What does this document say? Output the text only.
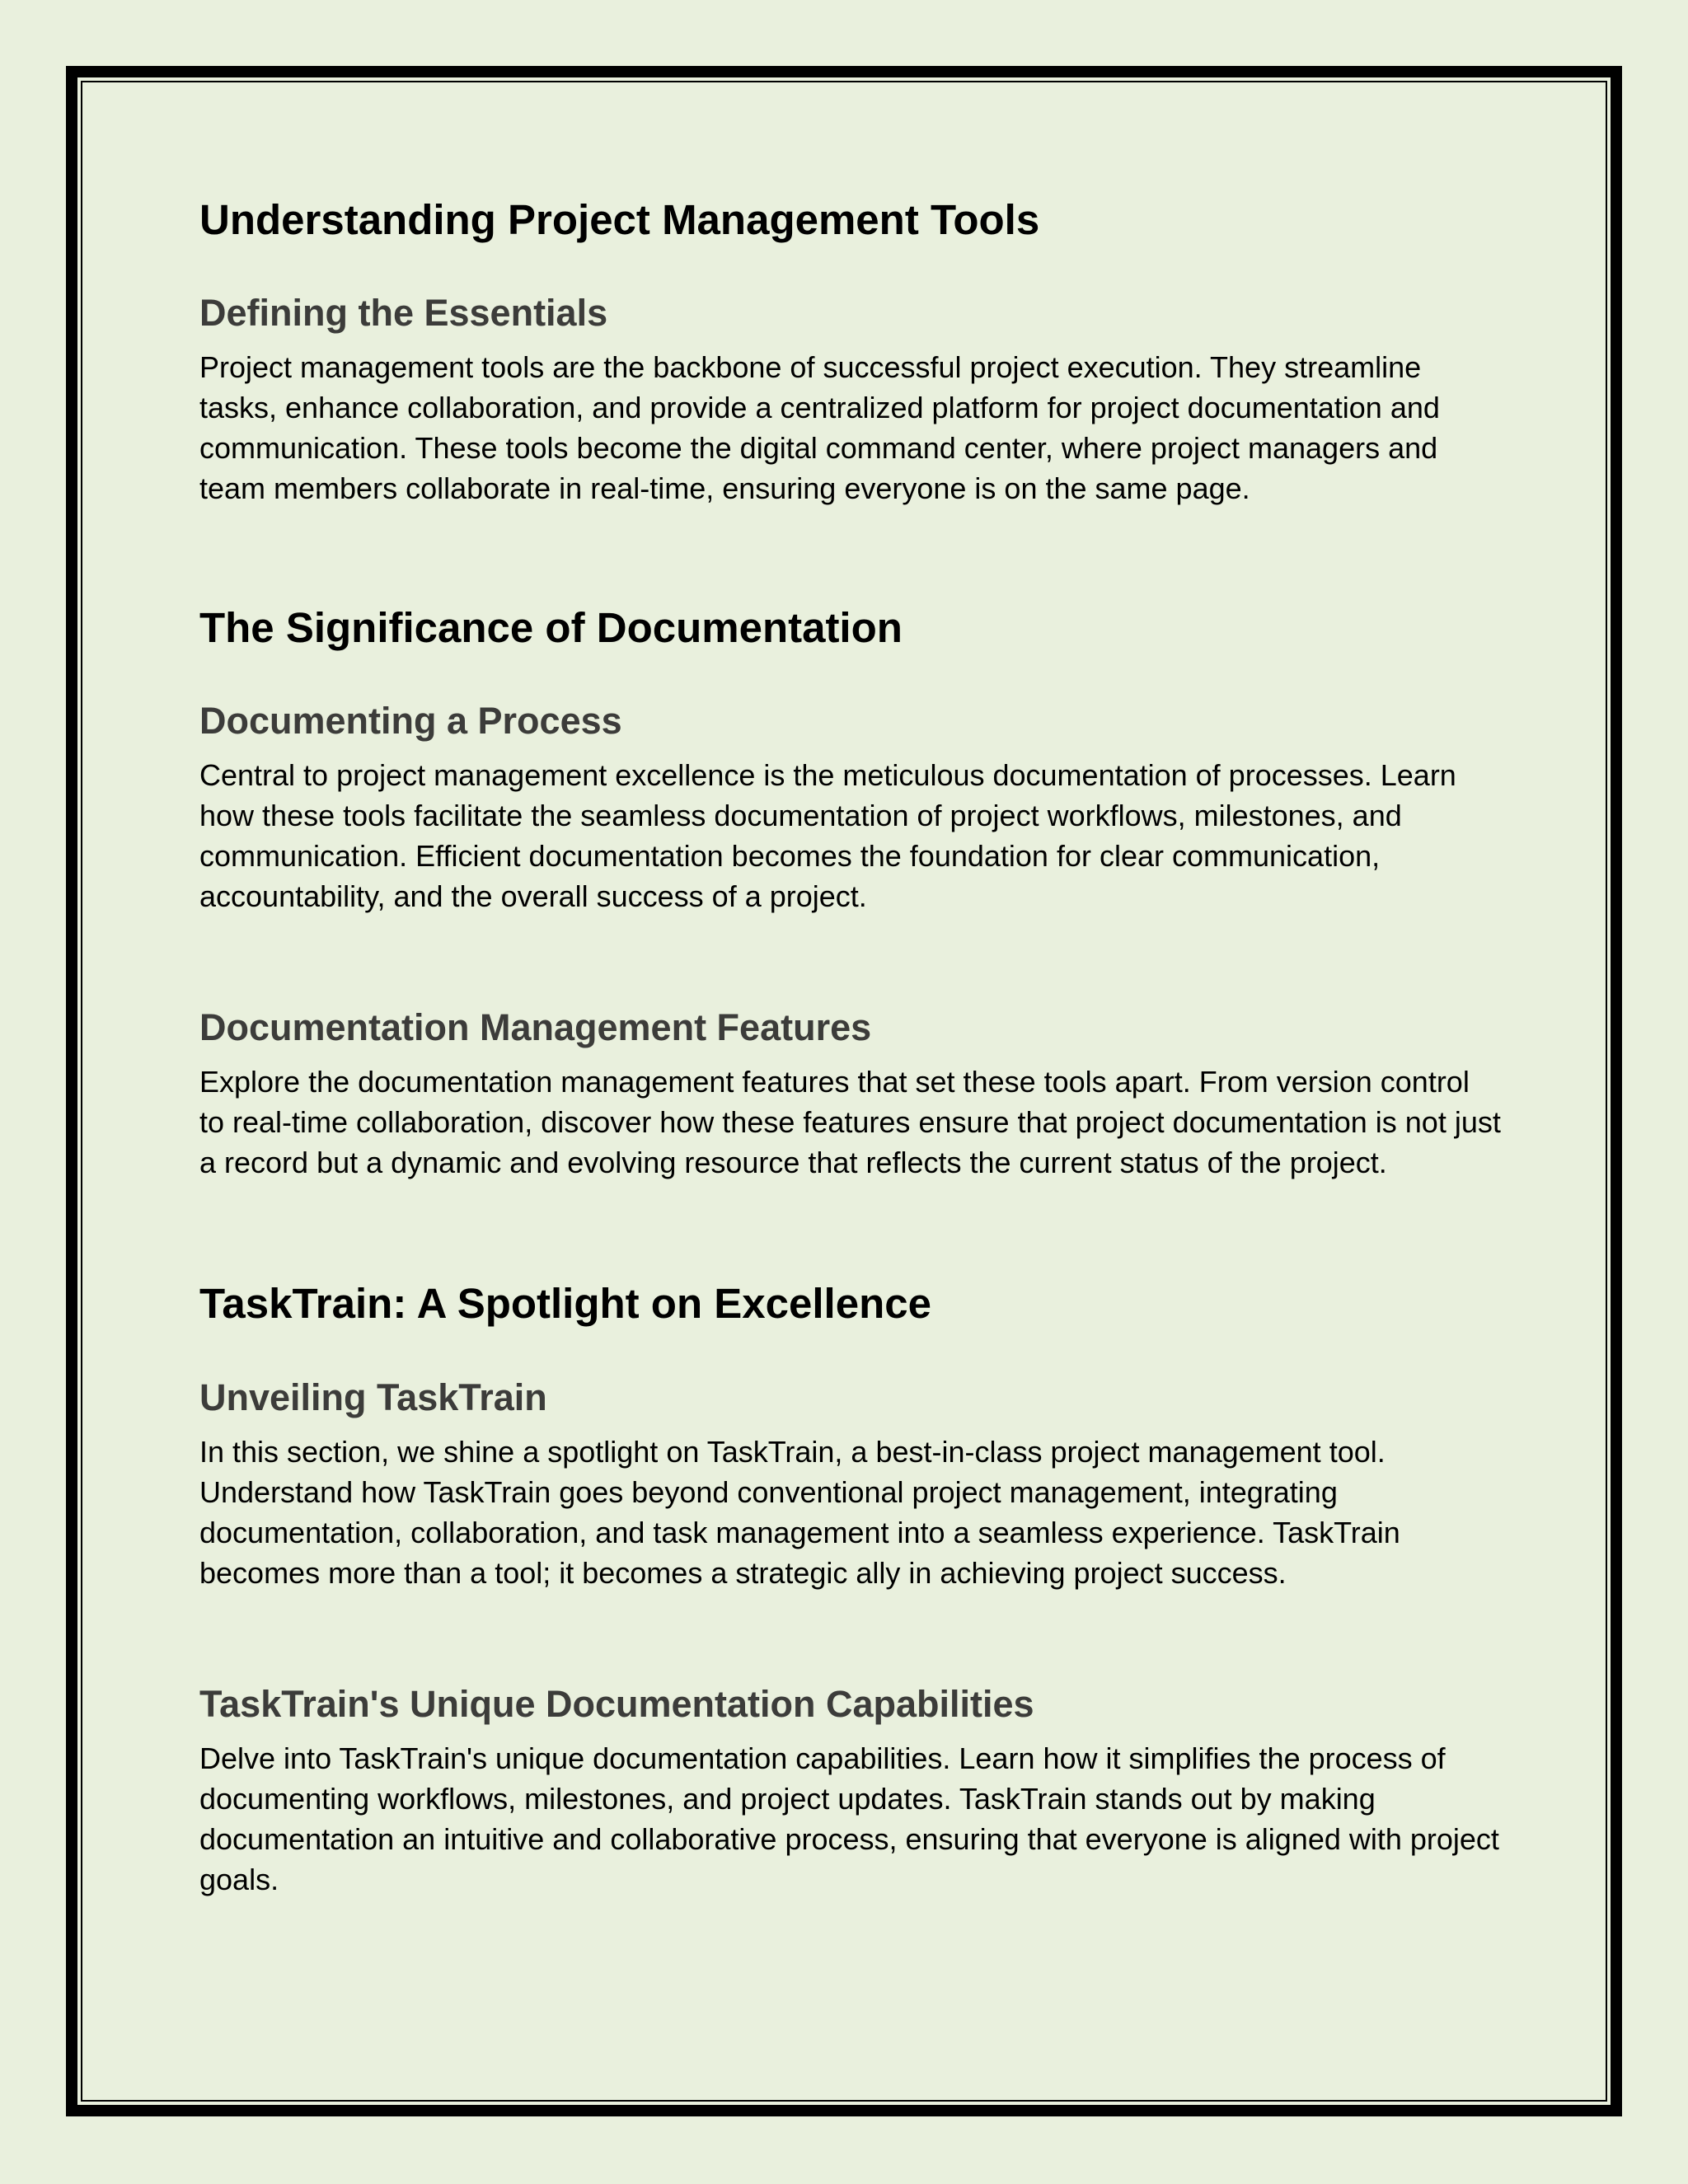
Understanding Project Management Tools
Defining the Essentials

Project management tools are the backbone of successful project execution. They streamline tasks, enhance collaboration, and provide a centralized platform for project documentation and communication. These tools become the digital command center, where project managers and team members collaborate in real-time, ensuring everyone is on the same page.

The Significance of Documentation
Documenting a Process

Central to project management excellence is the meticulous documentation of processes. Learn how these tools facilitate the seamless documentation of project workflows, milestones, and communication. Efficient documentation becomes the foundation for clear communication, accountability, and the overall success of a project.

Documentation Management Features

Explore the documentation management features that set these tools apart. From version control to real-time collaboration, discover how these features ensure that project documentation is not just a record but a dynamic and evolving resource that reflects the current status of the project.

TaskTrain: A Spotlight on Excellence
Unveiling TaskTrain

In this section, we shine a spotlight on TaskTrain, a best-in-class project management tool. Understand how TaskTrain goes beyond conventional project management, integrating documentation, collaboration, and task management into a seamless experience. TaskTrain becomes more than a tool; it becomes a strategic ally in achieving project success.

TaskTrain's Unique Documentation Capabilities

Delve into TaskTrain's unique documentation capabilities. Learn how it simplifies the process of documenting workflows, milestones, and project updates. TaskTrain stands out by making documentation an intuitive and collaborative process, ensuring that everyone is aligned with project goals.
